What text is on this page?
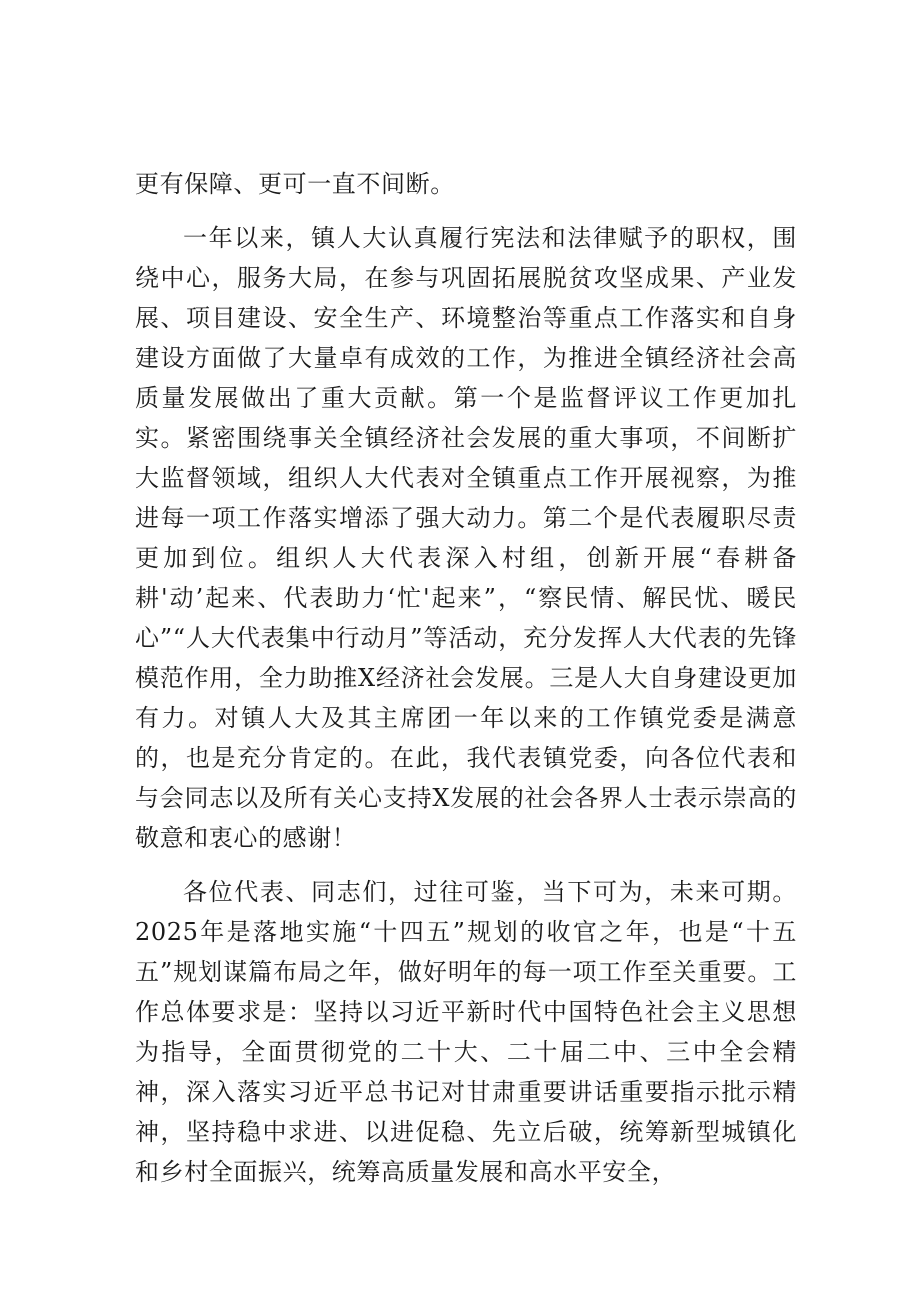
更有保障、更可一直不间断。

一年以来，镇人大认真履行宪法和法律赋予的职权，围绕中心，服务大局，在参与巩固拓展脱贫攻坚成果、产业发展、项目建设、安全生产、环境整治等重点工作落实和自身建设方面做了大量卓有成效的工作，为推进全镇经济社会高质量发展做出了重大贡献。第一个是监督评议工作更加扎实。紧密围绕事关全镇经济社会发展的重大事项，不间断扩大监督领域，组织人大代表对全镇重点工作开展视察，为推进每一项工作落实增添了强大动力。第二个是代表履职尽责更加到位。组织人大代表深入村组，创新开展“春耕备耕'动’起来、代表助力‘忙'起来”，“察民情、解民忧、暖民心”“人大代表集中行动月”等活动，充分发挥人大代表的先锋模范作用，全力助推X经济社会发展。三是人大自身建设更加有力。对镇人大及其主席团一年以来的工作镇党委是满意的，也是充分肯定的。在此，我代表镇党委，向各位代表和与会同志以及所有关心支持X发展的社会各界人士表示崇高的敬意和衷心的感谢！

各位代表、同志们，过往可鉴，当下可为，未来可期。2025年是落地实施“十四五”规划的收官之年，也是“十五五”规划谋篇布局之年，做好明年的每一项工作至关重要。工作总体要求是：坚持以习近平新时代中国特色社会主义思想为指导，全面贯彻党的二十大、二十届二中、三中全会精神，深入落实习近平总书记对甘肃重要讲话重要指示批示精神，坚持稳中求进、以进促稳、先立后破，统筹新型城镇化和乡村全面振兴，统筹高质量发展和高水平安全，
